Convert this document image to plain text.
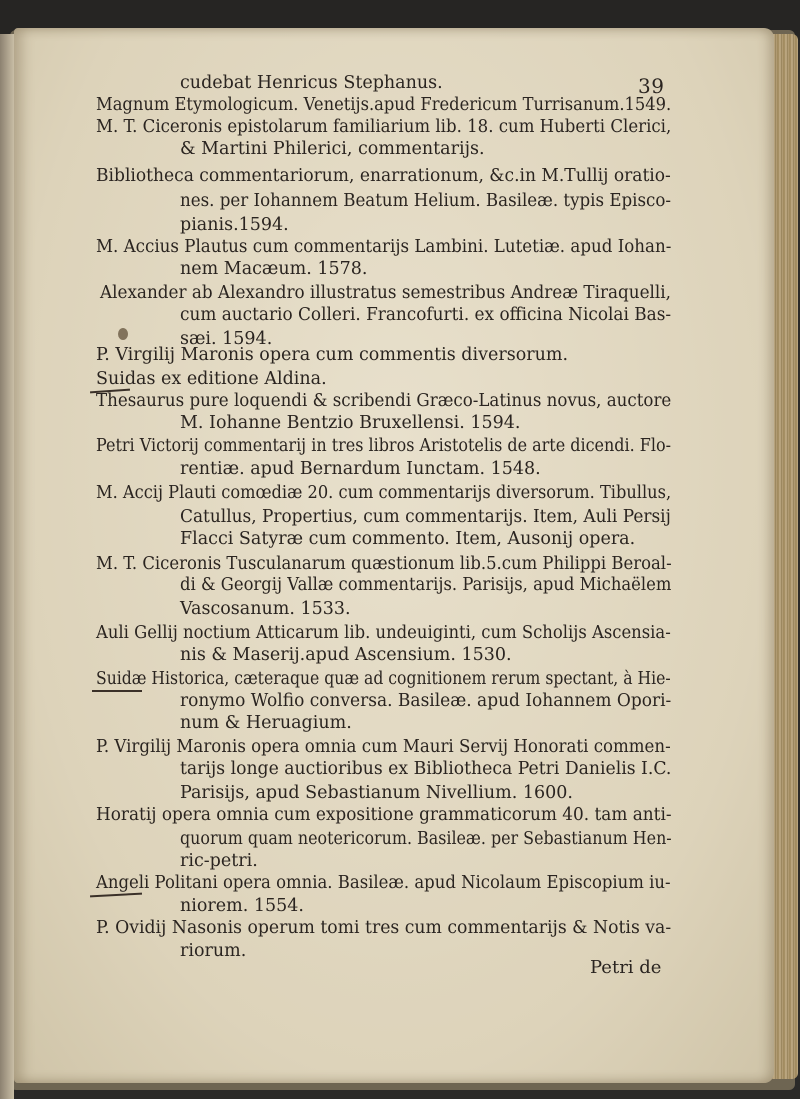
39
cudebat Henricus Stephanus.
Magnum Etymologicum. Venetijs.apud Fredericum Turrisanum.1549.
M. T. Ciceronis epistolarum familiarium lib. 18. cum Huberti Clerici,
& Martini Philerici, commentarijs.
Bibliotheca commentariorum, enarrationum, &c.in M.Tullij oratio-
nes. per Iohannem Beatum Helium. Basileæ. typis Episco-
pianis.1594.
M. Accius Plautus cum commentarijs Lambini. Lutetiæ. apud Iohan-
nem Macæum. 1578.
Alexander ab Alexandro illustratus semestribus Andreæ Tiraquelli,
cum auctario Colleri. Francofurti. ex officina Nicolai Bas-
sæi. 1594.
P. Virgilij Maronis opera cum commentis diversorum.
Suidas ex editione Aldina.
Thesaurus pure loquendi & scribendi Græco-Latinus novus, auctore
M. Iohanne Bentzio Bruxellensi. 1594.
Petri Victorij commentarij in tres libros Aristotelis de arte dicendi. Flo-
rentiæ. apud Bernardum Iunctam. 1548.
M. Accij Plauti comœdiæ 20. cum commentarijs diversorum. Tibullus,
Catullus, Propertius, cum commentarijs. Item, Auli Persij
Flacci Satyræ cum commento. Item, Ausonij opera.
M. T. Ciceronis Tusculanarum quæstionum lib.5.cum Philippi Beroal-
di & Georgij Vallæ commentarijs. Parisijs, apud Michaëlem
Vascosanum. 1533.
Auli Gellij noctium Atticarum lib. undeuiginti, cum Scholijs Ascensia-
nis & Maserij.apud Ascensium. 1530.
Suidæ Historica, cæteraque quæ ad cognitionem rerum spectant, à Hie-
ronymo Wolfio conversa. Basileæ. apud Iohannem Opori-
num & Heruagium.
P. Virgilij Maronis opera omnia cum Mauri Servij Honorati commen-
tarijs longe auctioribus ex Bibliotheca Petri Danielis I.C.
Parisijs, apud Sebastianum Nivellium. 1600.
Horatij opera omnia cum expositione grammaticorum 40. tam anti-
quorum quam neotericorum. Basileæ. per Sebastianum Hen-
ric-petri.
Angeli Politani opera omnia. Basileæ. apud Nicolaum Episcopium iu-
niorem. 1554.
P. Ovidij Nasonis operum tomi tres cum commentarijs & Notis va-
riorum.
Petri de
